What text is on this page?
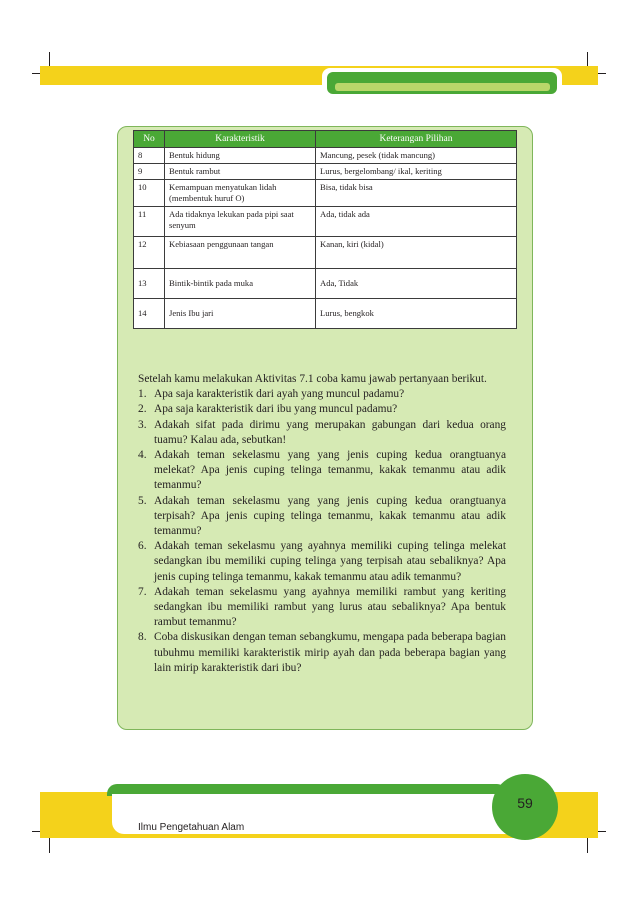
No	Karakteristik	Keterangan Pilihan
8	Bentuk hidung	Mancung, pesek (tidak mancung)
9	Bentuk rambut	Lurus, bergelombang/ ikal, keriting
10	Kemampuan menyatukan lidah (membentuk huruf O)	Bisa, tidak bisa
11	Ada tidaknya lekukan pada pipi saat senyum	Ada, tidak ada
12	Kebiasaan penggunaan tangan	Kanan, kiri (kidal)
13	Bintik-bintik pada muka	Ada, Tidak
14	Jenis Ibu jari	Lurus, bengkok

Setelah kamu melakukan Aktivitas 7.1 coba kamu jawab pertanyaan berikut.

1. Apa saja karakteristik dari ayah yang muncul padamu?
2. Apa saja karakteristik dari ibu yang muncul padamu?
3. Adakah sifat pada dirimu yang merupakan gabungan dari kedua orang tuamu? Kalau ada, sebutkan!
4. Adakah teman sekelasmu yang yang jenis cuping kedua orangtuanya melekat? Apa jenis cuping telinga temanmu, kakak temanmu atau adik temanmu?
5. Adakah teman sekelasmu yang yang jenis cuping kedua orangtuanya terpisah? Apa jenis cuping telinga temanmu, kakak temanmu atau adik temanmu?
6. Adakah teman sekelasmu yang ayahnya memiliki cuping telinga melekat sedangkan ibu memiliki cuping telinga yang terpisah atau sebaliknya? Apa jenis cuping telinga temanmu, kakak temanmu atau adik temanmu?
7. Adakah teman sekelasmu yang ayahnya memiliki rambut yang keriting sedangkan ibu memiliki rambut yang lurus atau sebaliknya? Apa bentuk rambut temanmu?
8. Coba diskusikan dengan teman sebangkumu, mengapa pada beberapa bagian tubuhmu memiliki karakteristik mirip ayah dan pada beberapa bagian yang lain mirip karakteristik dari ibu?
Ilmu Pengetahuan Alam
59
